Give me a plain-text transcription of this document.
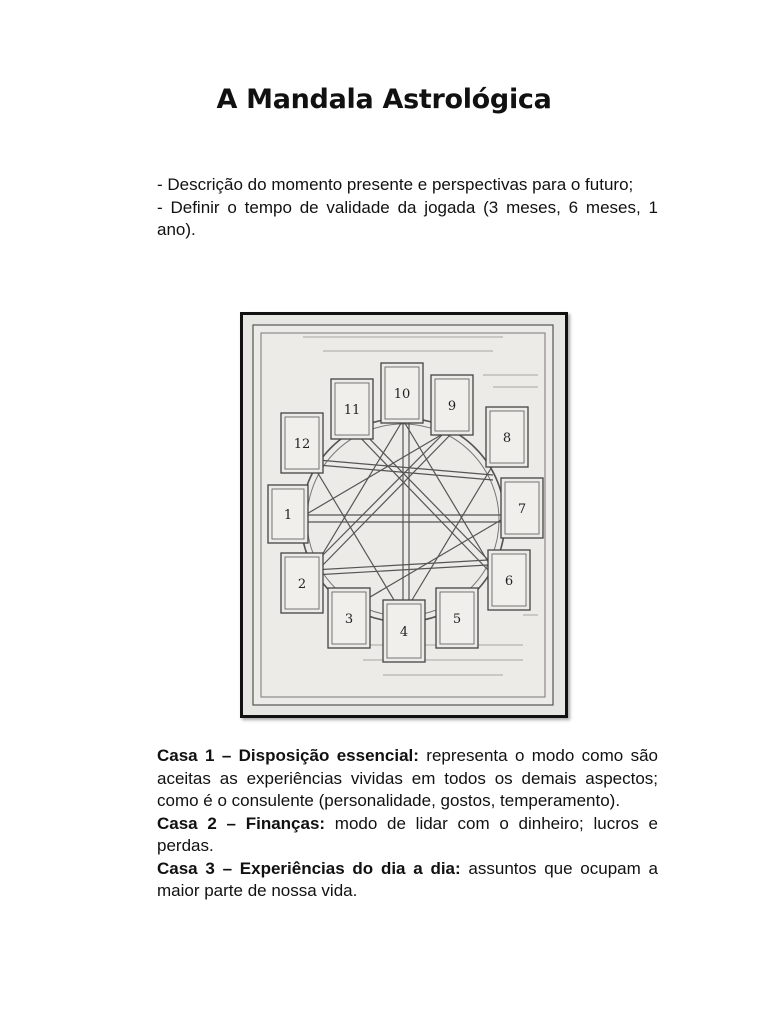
A Mandala Astrológica

- Descrição do momento presente e perspectivas para o futuro;

- Definir o tempo de validade da jogada (3 meses, 6 meses, 1 ano).

1
2
3
4
5
6
7
8
9
10
11
12

Casa 1 – Disposição essencial: representa o modo como são aceitas as experiências vividas em todos os demais aspectos; como é o consulente (personalidade, gostos, temperamento).

Casa 2 – Finanças: modo de lidar com o dinheiro; lucros e perdas.

Casa 3 – Experiências do dia a dia: assuntos que ocupam a maior parte de nossa vida.
